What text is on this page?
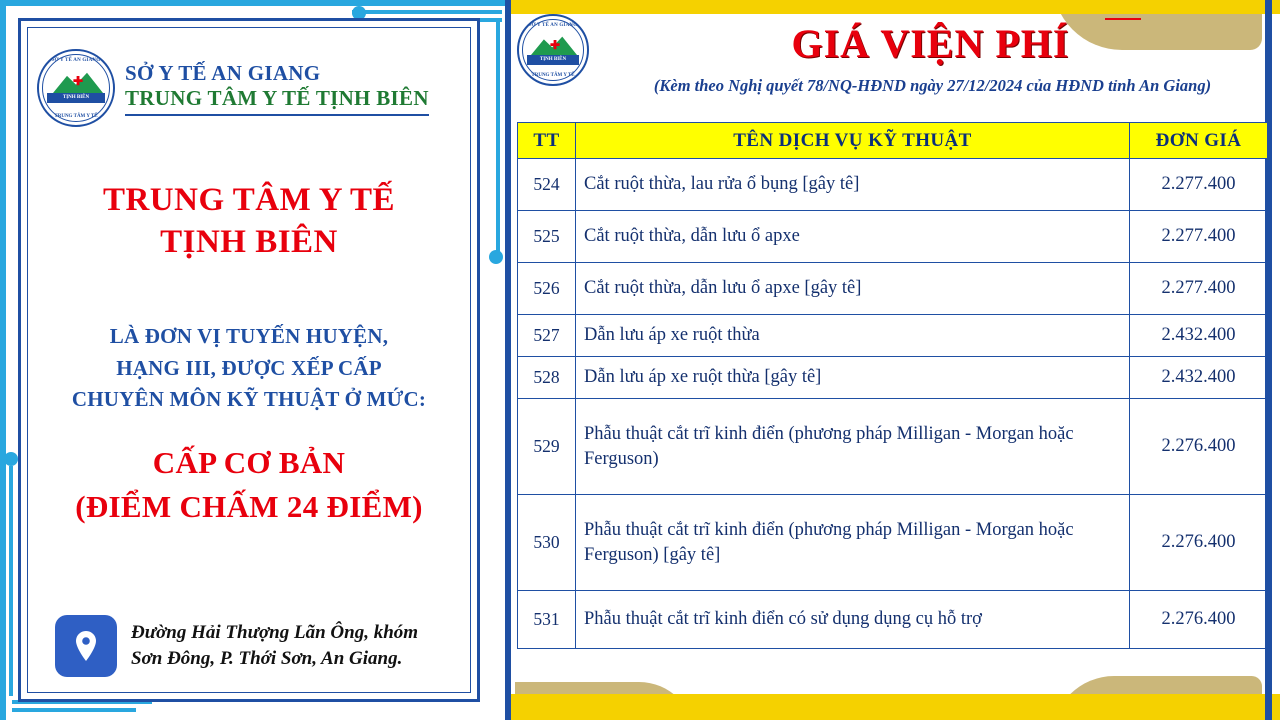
SỞ Y TẾ AN GIANG
✚
TỊNH BIÊN
TRUNG TÂM Y TẾ
SỞ Y TẾ AN GIANG
TRUNG TÂM Y TẾ TỊNH BIÊN
TRUNG TÂM Y TẾ
TỊNH BIÊN
LÀ ĐƠN VỊ TUYẾN HUYỆN,
HẠNG III, ĐƯỢC XẾP CẤP
CHUYÊN MÔN KỸ THUẬT Ở MỨC:
CẤP CƠ BẢN
(ĐIỂM CHẤM 24 ĐIỂM)
Đường Hải Thượng Lãn Ông, khóm
Sơn Đông, P. Thới Sơn, An Giang.
SỞ Y TẾ AN GIANG
✚
TỊNH BIÊN
TRUNG TÂM Y TẾ
GIÁ VIỆN PHÍ
(Kèm theo Nghị quyết 78/NQ-HĐND ngày 27/12/2024 của HĐND tỉnh An Giang)
TT	TÊN DỊCH VỤ KỸ THUẬT	ĐƠN GIÁ
524	Cắt ruột thừa, lau rửa ổ bụng [gây tê]	2.277.400
525	Cắt ruột thừa, dẫn lưu ổ apxe	2.277.400
526	Cắt ruột thừa, dẫn lưu ổ apxe [gây tê]	2.277.400
527	Dẫn lưu áp xe ruột thừa	2.432.400
528	Dẫn lưu áp xe ruột thừa [gây tê]	2.432.400
529	Phẫu thuật cắt trĩ kinh điển (phương pháp Milligan - Morgan hoặc Ferguson)	2.276.400
530	Phẫu thuật cắt trĩ kinh điển (phương pháp Milligan - Morgan hoặc Ferguson) [gây tê]	2.276.400
531	Phẫu thuật cắt trĩ kinh điển có sử dụng dụng cụ hỗ trợ	2.276.400
